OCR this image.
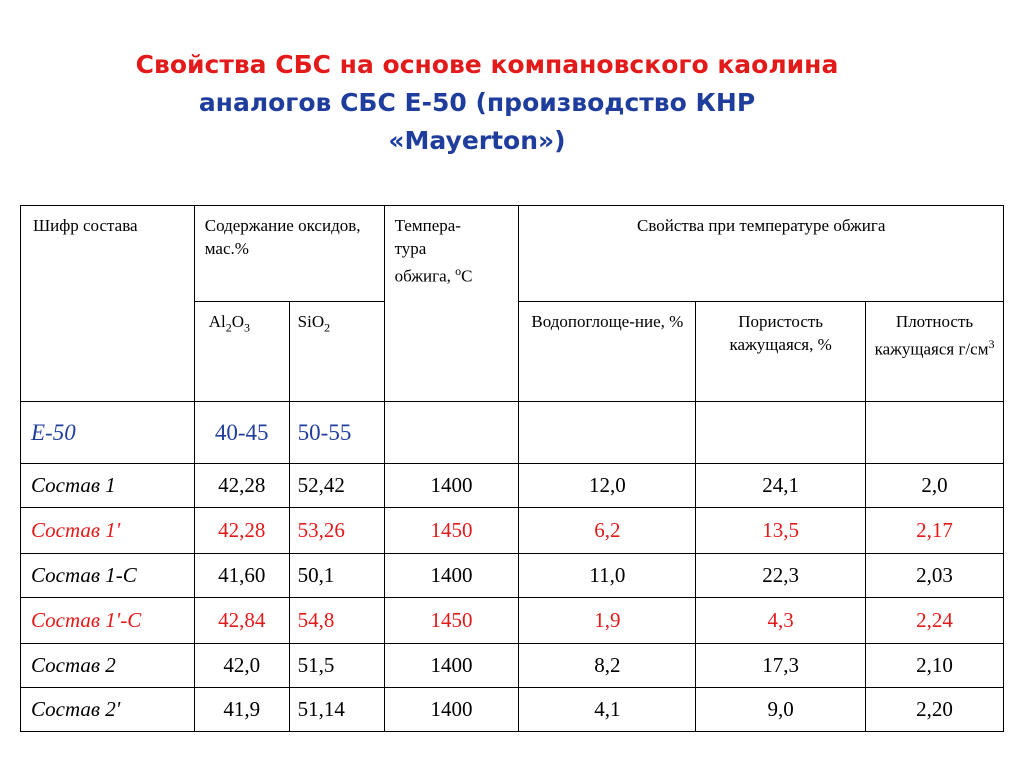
Свойства СБС на основе компановского каолина
аналогов СБС Е-50 (производство КНР
«Mayerton»)
Шифр состава	Содержание оксидов, мас.%		Темпера-
тура
обжига, $^o$С	Свойства при температуре обжига		
	$Al_2O_3$	SiO$_2$		Водопоглоще-ние, %	Пористость кажущаяся, %	Плотность кажущаяся $г/см^3$
Е-50	40-45	50-55				
Состав 1	42,28	52,42	1400	12,0	24,1	2,0
Состав 1'	42,28	53,26	1450	6,2	13,5	2,17
Состав 1-С	41,60	50,1	1400	11,0	22,3	2,03
Состав 1'-С	42,84	54,8	1450	1,9	4,3	2,24
Состав 2	42,0	51,5	1400	8,2	17,3	2,10
Состав 2'	41,9	51,14	1400	4,1	9,0	2,20
